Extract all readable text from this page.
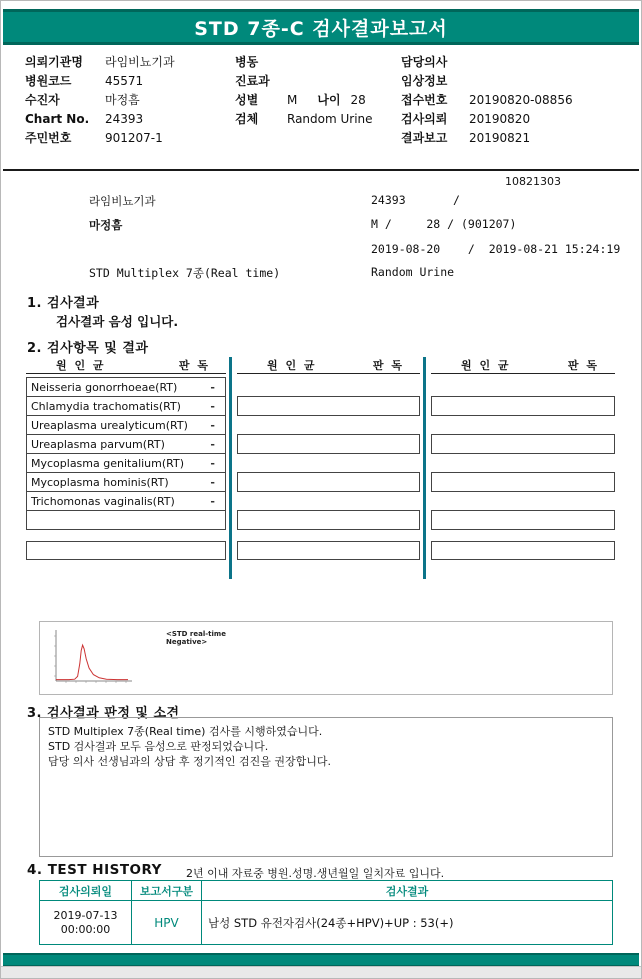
STD 7종-C 검사결과보고서
의뢰기관명 라임비뇨기과
병원코드	45571
수진자	마정흠
Chart No. 24393
주민번호	901207-1
병동
진료과
성별 M 나이 28
검체 Random Urine
담당의사
임상정보
접수번호 20190820-08856
검사의뢰 20190820
결과보고 20190821
10821303
라임비뇨기과	24393	/
마정흠	M /     28 / (901207)
2019-08-20    /  2019-08-21 15:24:19
STD Multiplex 7종(Real time)	Random Urine
1. 검사결과
검사결과 음성 입니다.
2. 검사항목 및 결과
원 인 균	판 독
Neisseria gonorrhoeae(RT)	-
Chlamydia trachomatis(RT)	-
Ureaplasma urealyticum(RT) -
Ureaplasma parvum(RT)	-
Mycoplasma genitalium(RT) -
Mycoplasma hominis(RT)	-
Trichomonas vaginalis(RT)	-
원 인 균	판 독	원 인 균	판 독
<STD real-time
Negative>
3. 검사결과 판정 및 소견
STD Multiplex 7종(Real time) 검사를 시행하였습니다.
STD 검사결과 모두 음성으로 판정되었습니다.
담당 의사 선생님과의 상담 후 정기적인 검진을 권장합니다.
4. TEST HISTORY 2년 이내 자료중 병원.성명.생년월일 일치자료 입니다.
검사의뢰일	보고서구분	검사결과
2019-07-13 00:00:00	HPV	남성 STD 유전자검사(24종+HPV)+UP : 53(+)
